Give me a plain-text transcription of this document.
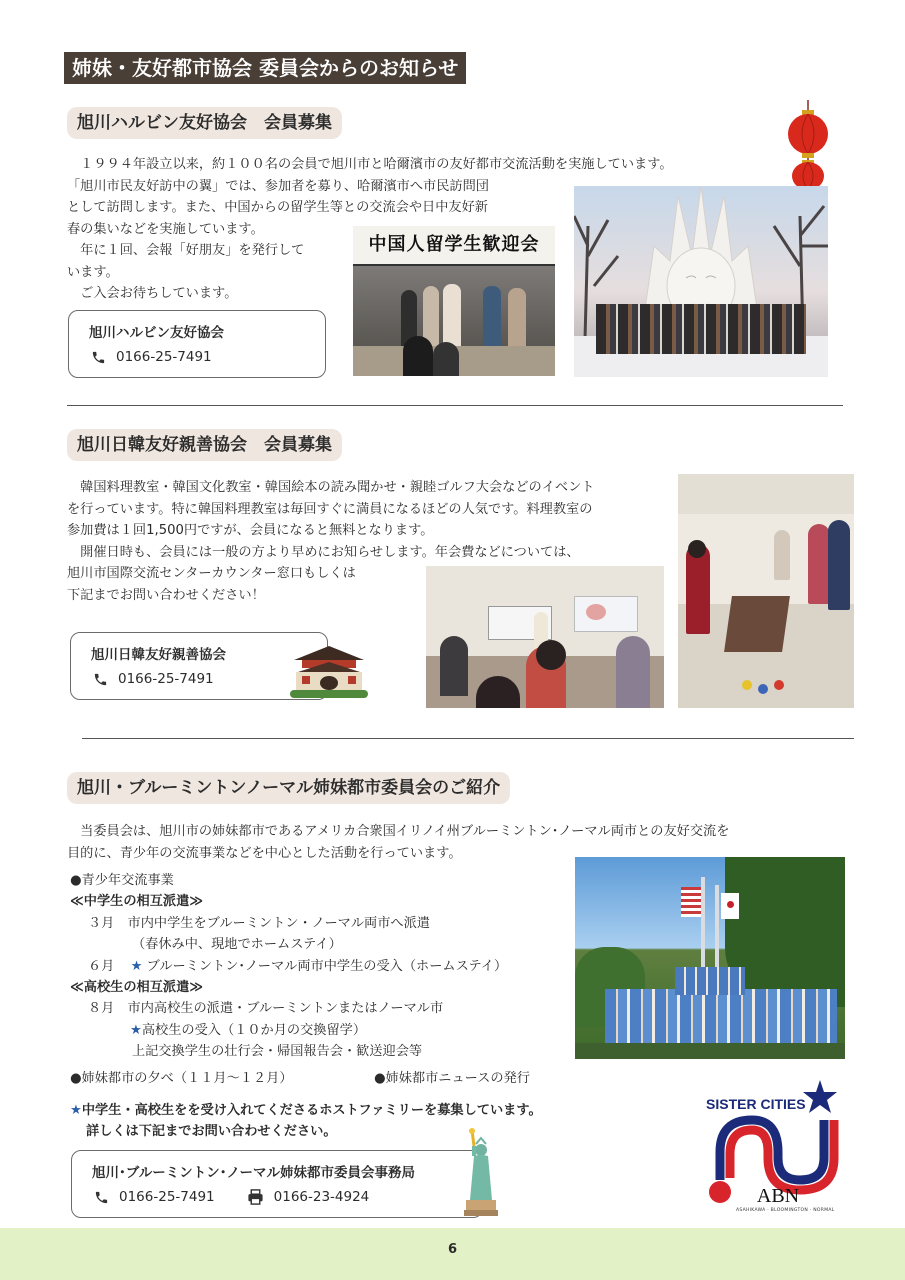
姉妹・友好都市協会 委員会からのお知らせ
旭川ハルビン友好協会　会員募集
　１９９４年設立以来，約１００名の会員で旭川市と哈爾濱市の友好都市交流活動を実施しています。
「旭川市民友好訪中の翼」では、参加者を募り、哈爾濱市へ市民訪問団
として訪問します。また、中国からの留学生等との交流会や日中友好新
春の集いなどを実施しています。
　年に１回、会報「好朋友」を発行して
います。
　ご入会お待ちしています。
中国人留学生歓迎会
旭川ハルビン友好協会
0166-25-7491
旭川日韓友好親善協会　会員募集
　韓国料理教室・韓国文化教室・韓国絵本の読み聞かせ・親睦ゴルフ大会などのイベント
を行っています。特に韓国料理教室は毎回すぐに満員になるほどの人気です。料理教室の
参加費は１回1,500円ですが、会員になると無料となります。
　開催日時も、会員には一般の方より早めにお知らせします。年会費などについては、
旭川市国際交流センターカウンター窓口もしくは
下記までお問い合わせください！
旭川日韓友好親善協会
0166-25-7491
旭川・ブルーミントンノーマル姉妹都市委員会のご紹介
　当委員会は、旭川市の姉妹都市であるアメリカ合衆国イリノイ州ブルーミントン･ノーマル両市との友好交流を
目的に、青少年の交流事業などを中心とした活動を行っています。
●青少年交流事業
≪中学生の相互派遣≫
３月　市内中学生をブルーミントン・ノーマル両市へ派遣
（春休み中、現地でホームステイ）
６月 ★ ブルーミントン･ノーマル両市中学生の受入（ホームステイ）
≪高校生の相互派遣≫
８月　市内高校生の派遣・ブルーミントンまたはノーマル市
★高校生の受入（１０か月の交換留学）
上記交換学生の壮行会・帰国報告会・歓送迎会等
●姉妹都市の夕べ（１１月～１２月）	●姉妹都市ニュースの発行
★中学生・高校生をを受け入れてくださるホストファミリーを募集しています。
詳しくは下記までお問い合わせください。
旭川･ブルーミントン･ノーマル姉妹都市委員会事務局
0166-25-7491	0166-23-4924
SISTER CITIES
ABN
ASAHIKAWA · BLOOMINGTON · NORMAL
6
